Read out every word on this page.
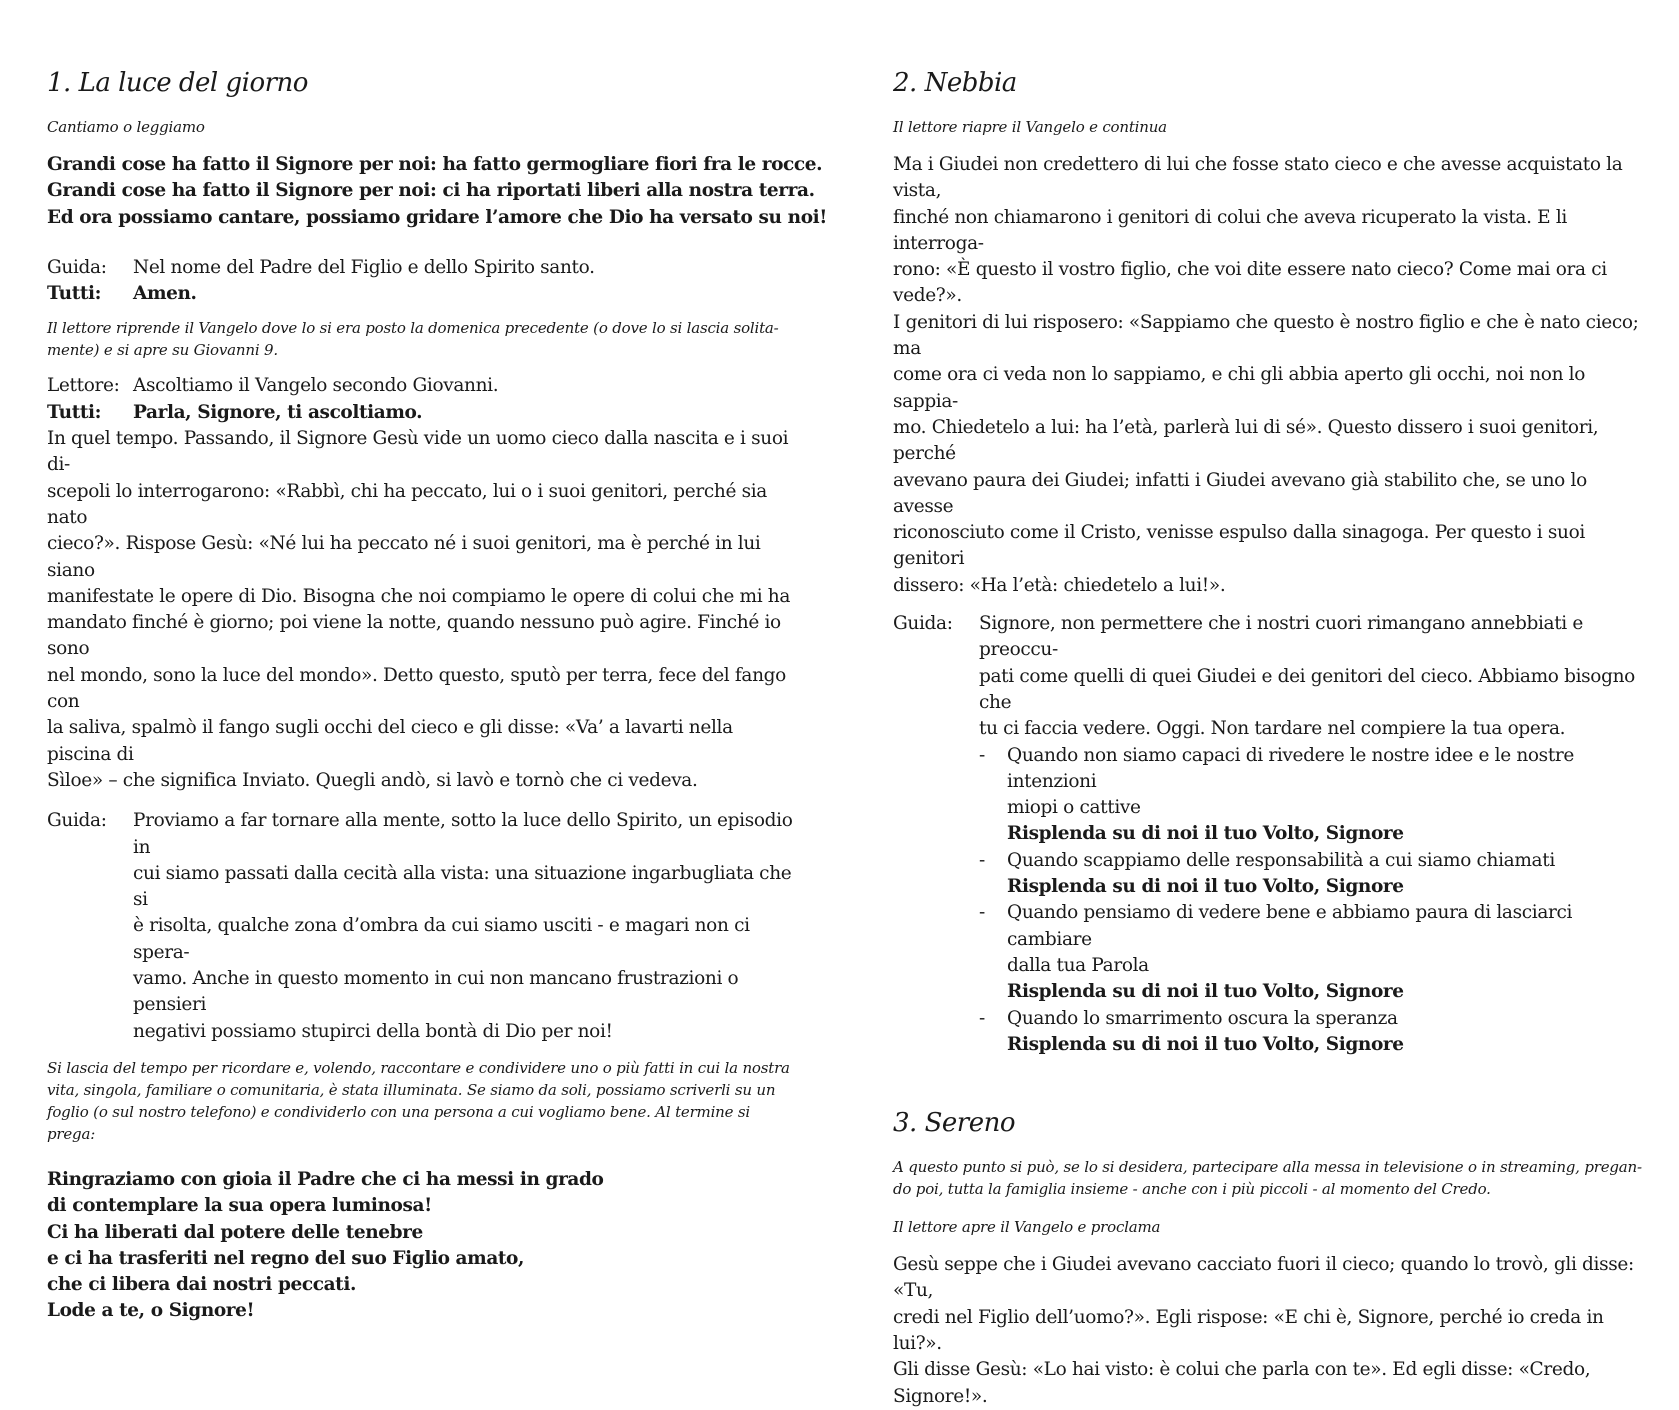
1. La luce del giorno

Cantiamo o leggiamo

Grandi cose ha fatto il Signore per noi: ha fatto germogliare fiori fra le rocce.
Grandi cose ha fatto il Signore per noi: ci ha riportati liberi alla nostra terra.
Ed ora possiamo cantare, possiamo gridare l’amore che Dio ha versato su noi!
Guida:	Nel nome del Padre del Figlio e dello Spirito santo.
Tutti:	Amen.
Il lettore riprende il Vangelo dove lo si era posto la domenica precedente (o dove lo si lascia solita-
mente) e si apre su Giovanni 9.
Lettore: Ascoltiamo il Vangelo secondo Giovanni.
Tutti:	Parla, Signore, ti ascoltiamo.
In quel tempo. Passando, il Signore Gesù vide un uomo cieco dalla nascita e i suoi di-
scepoli lo interrogarono: «Rabbì, chi ha peccato, lui o i suoi genitori, perché sia nato
cieco?». Rispose Gesù: «Né lui ha peccato né i suoi genitori, ma è perché in lui siano
manifestate le opere di Dio. Bisogna che noi compiamo le opere di colui che mi ha
mandato finché è giorno; poi viene la notte, quando nessuno può agire. Finché io sono
nel mondo, sono la luce del mondo». Detto questo, sputò per terra, fece del fango con
la saliva, spalmò il fango sugli occhi del cieco e gli disse: «Va’ a lavarti nella piscina di
Sìloe» – che significa Inviato. Quegli andò, si lavò e tornò che ci vedeva.
Guida:	Proviamo a far tornare alla mente, sotto la luce dello Spirito, un episodio in
cui siamo passati dalla cecità alla vista: una situazione ingarbugliata che si
è risolta, qualche zona d’ombra da cui siamo usciti - e magari non ci spera-
vamo. Anche in questo momento in cui non mancano frustrazioni o pensieri
negativi possiamo stupirci della bontà di Dio per noi!
Si lascia del tempo per ricordare e, volendo, raccontare e condividere uno o più fatti in cui la nostra
vita, singola, familiare o comunitaria, è stata illuminata. Se siamo da soli, possiamo scriverli su un
foglio (o sul nostro telefono) e condividerlo con una persona a cui vogliamo bene. Al termine si prega:
Ringraziamo con gioia il Padre che ci ha messi in grado
di contemplare la sua opera luminosa!
Ci ha liberati dal potere delle tenebre
e ci ha trasferiti nel regno del suo Figlio amato,
che ci libera dai nostri peccati.
Lode a te, o Signore!
2. Nebbia

Il lettore riapre il Vangelo e continua

Ma i Giudei non credettero di lui che fosse stato cieco e che avesse acquistato la vista,
finché non chiamarono i genitori di colui che aveva ricuperato la vista. E li interroga-
rono: «È questo il vostro figlio, che voi dite essere nato cieco? Come mai ora ci vede?».
I genitori di lui risposero: «Sappiamo che questo è nostro figlio e che è nato cieco; ma
come ora ci veda non lo sappiamo, e chi gli abbia aperto gli occhi, noi non lo sappia-
mo. Chiedetelo a lui: ha l’età, parlerà lui di sé». Questo dissero i suoi genitori, perché
avevano paura dei Giudei; infatti i Giudei avevano già stabilito che, se uno lo avesse
riconosciuto come il Cristo, venisse espulso dalla sinagoga. Per questo i suoi genitori
dissero: «Ha l’età: chiedetelo a lui!».
Guida:	Signore, non permettere che i nostri cuori rimangano annebbiati e preoccu-
pati come quelli di quei Giudei e dei genitori del cieco. Abbiamo bisogno che
tu ci faccia vedere. Oggi. Non tardare nel compiere la tua opera.
-	Quando non siamo capaci di rivedere le nostre idee e le nostre intenzioni
miopi o cattive
Risplenda su di noi il tuo Volto, Signore
-	Quando scappiamo delle responsabilità a cui siamo chiamati
Risplenda su di noi il tuo Volto, Signore
-	Quando pensiamo di vedere bene e abbiamo paura di lasciarci cambiare
dalla tua Parola
Risplenda su di noi il tuo Volto, Signore
-	Quando lo smarrimento oscura la speranza
Risplenda su di noi il tuo Volto, Signore
3. Sereno
A questo punto si può, se lo si desidera, partecipare alla messa in televisione o in streaming, pregan-
do poi, tutta la famiglia insieme - anche con i più piccoli - al momento del Credo.

Il lettore apre il Vangelo e proclama

Gesù seppe che i Giudei avevano cacciato fuori il cieco; quando lo trovò, gli disse: «Tu,
credi nel Figlio dell’uomo?». Egli rispose: «E chi è, Signore, perché io creda in lui?».
Gli disse Gesù: «Lo hai visto: è colui che parla con te». Ed egli disse: «Credo, Signore!».
